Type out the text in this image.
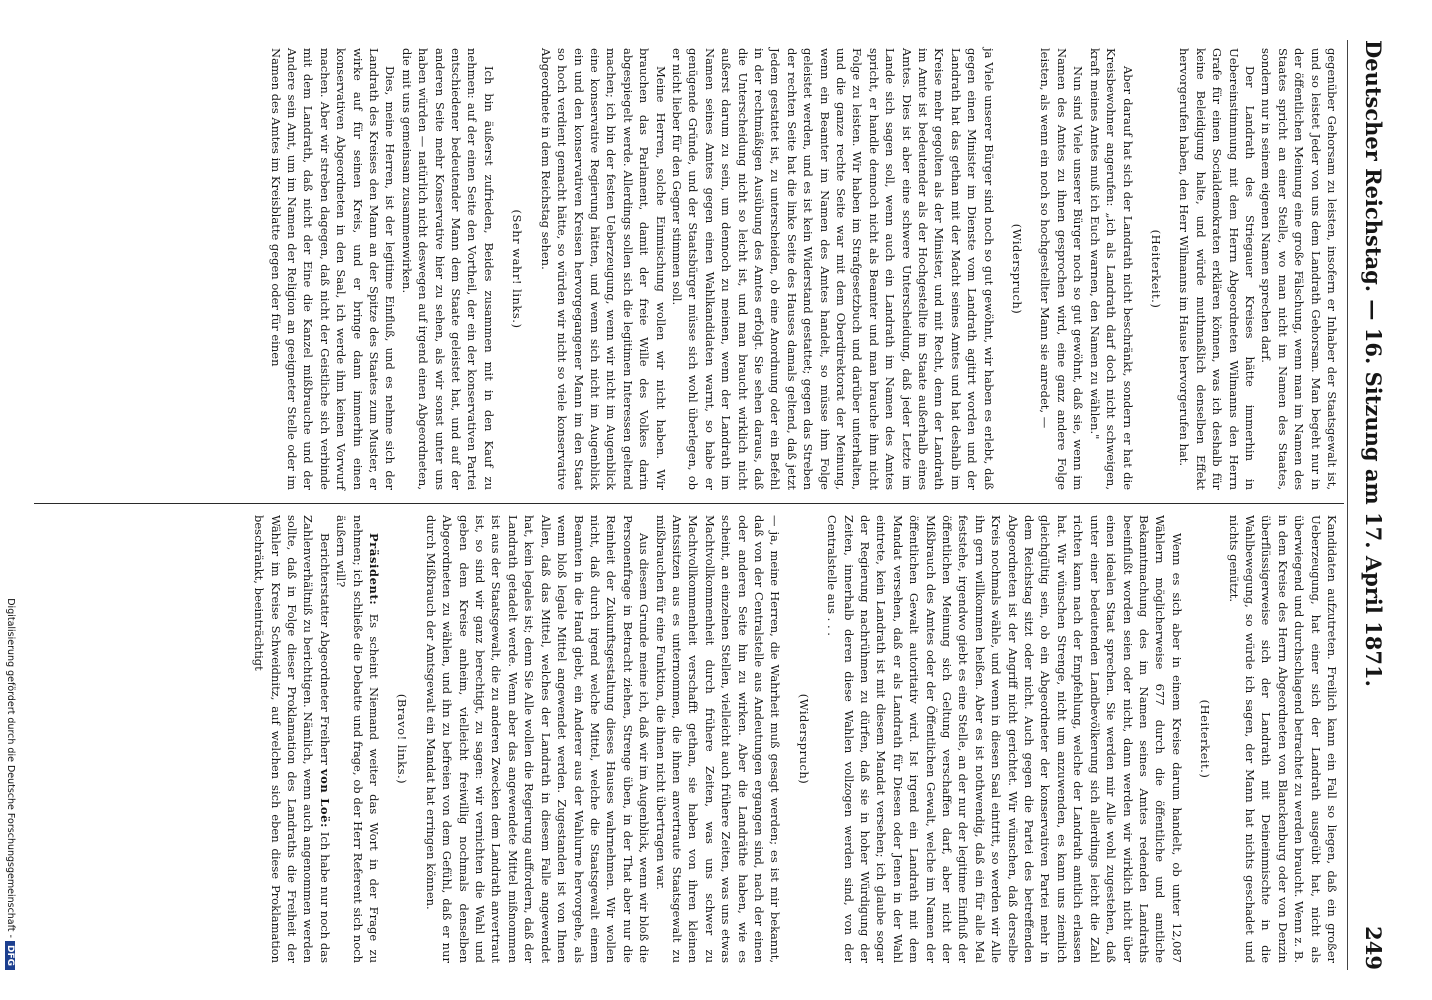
Deutscher Reichstag. — 16. Sitzung am 17. April 1871.
249

gegenüber Gehorsam zu leisten, insofern er Inhaber der Staatsgewalt ist, und so leistet Jeder von uns dem Landrath Gehorsam. Man begeht nur in der öffentlichen Meinung eine große Fälschung, wenn man im Namen des Staates spricht an einer Stelle, wo man nicht im Namen des Staates, sondern nur in seinem eigenen Namen sprechen darf.

Der Landrath des Striegauer Kreises hätte immerhin in Uebereinstimmung mit dem Herrn Abgeordneten Wilmanns den Herrn Grafe für einen Socialdemokraten erklären können, was ich deshalb für keine Beleidigung halte, und würde muthmaßlich denselben Effekt hervorgerufen haben, den Herr Wilmanns im Hause hervorgerufen hat.

(Heiterkeit.)

Aber darauf hat sich der Landrath nicht beschränkt, sondern er hat die Kreisbewohner angerufen: „ich als Landrath darf doch nicht schweigen, kraft meines Amtes muß ich Euch warnen, den Namen zu wählen."

Nun sind Viele unserer Bürger noch so gut gewöhnt, daß sie, wenn im Namen des Amtes zu ihnen gesprochen wird, eine ganz andere Folge leisten, als wenn ein noch so hochgestellter Mann sie anredet, —

(Widerspruch)

ja Viele unserer Bürger sind noch so gut gewöhnt, wir haben es erlebt, daß gegen einen Minister im Dienste vom Landrath agitirt worden und der Landrath hat das gethan mit der Macht seines Amtes und hat deshalb im Kreise mehr gegolten als der Minister, und mit Recht, denn der Landrath im Amte ist bedeutender als der Hochgestellte im Staate außerhalb eines Amtes. Dies ist aber eine schwere Unterscheidung, daß jeder Letzte im Lande sich sagen soll, wenn auch ein Landrath im Namen des Amtes spricht, er handle dennoch nicht als Beamter und man brauche ihm nicht Folge zu leisten. Wir haben im Strafgesetzbuch und darüber unterhalten, und die ganze rechte Seite war mit dem Oberdirektorat der Meinung, wenn ein Beamter im Namen des Amtes handelt, so müsse ihm Folge geleistet werden, und es ist kein Widerstand gestattet; gegen das Streben der rechten Seite hat die linke Seite des Hauses damals geltend, daß jetzt Jedem gestattet ist, zu unterscheiden, ob eine Anordnung oder ein Befehl in der rechtmäßigen Ausübung des Amtes erfolgt. Sie sehen daraus, daß die Unterscheidung nicht so leicht ist, und man braucht wirklich nicht außerst darum zu sein, um dennoch zu meinen, wenn der Landrath im Namen seines Amtes gegen einen Wahlkandidaten warnt, so habe er genügende Gründe, und der Staatsbürger müsse sich wohl überlegen, ob er nicht lieber für den Gegner stimmen soll.

Meine Herren, solche Einmischung wollen wir nicht haben. Wir brauchen das Parlament, damit der freie Wille des Volkes darin abgespiegelt werde. Allerdings sollen sich die legitimen Interessen geltend machen; ich bin der festen Ueberzeugung, wenn wir nicht im Augenblick eine konservative Regierung hätten, und wenn sich nicht im Augenblick ein und den konservativen Kreisen hervorgegangener Mann im den Staat so hoch verdient gemacht hätte, so würden wir nicht so viele konservative Abgeordnete in dem Reichstag sehen.

(Sehr wahr! links.)

Ich bin äußerst zufrieden, Beides zusammen mit in den Kauf zu nehmen: auf der einen Seite den Vortheil, der ein der konservativen Partei entschiedener bedeutender Mann dem Staate geleistet hat, und auf der anderen Seite mehr Konservative hier zu sehen, als wir sonst unter uns haben würden — natürlich nicht deswegen auf irgend einen Abgeordneten, die mit uns gemeinsam zusammenwirken.

Dies, meine Herren, ist der legitime Einfluß, und es nehme sich der Landrath des Kreises den Mann an der Spitze des Staates zum Muster, er wirke auf für seinen Kreis, und er bringe dann immerhin einen konservativen Abgeordneten in den Saal, ich werde ihm keinen Vorwurf machen. Aber wir streben dagegen, daß nicht der Geistliche sich verbinde mit dem Landrath, daß nicht der Eine die Kanzel mißbrauche und der Andere sein Amt, um im Namen der Religion an geeigneter Stelle oder im Namen des Amtes im Kreisblatte gegen oder für einen

Kandidaten aufzutreten. Freilich kann ein Fall so liegen, daß ein großer Ueberzeugung, hat einer sich der Landrath ausgeübt hat, nicht als überwiegend und durchschlagend betrachtet zu werden braucht. Wenn z. B. in dem Kreise des Herrn Abgeordneten von Blanckenburg oder von Denzin überflüssigerweise sich der Landrath mit Deineinmischte in die Wahlbewegung, so würde ich sagen, der Mann hat nichts geschadet und nichts genützt.

(Heiterkeit.)

Wenn es sich aber in einem Kreise darum handelt, ob unter 12,087 Wählern möglicherweise 677 durch die öffentliche und amtliche Bekanntmachung des im Namen seines Amtes redenden Landraths beeinflußt worden seien oder nicht, dann werden wir wirklich nicht über einen idealen Staat sprechen. Sie werden mir Alle wohl zugestehen, daß unter einer bedeutenden Landbevölkerung sich allerdings leicht die Zahl richten kann nach der Empfehlung, welche der Landrath amtlich erlassen hat. Wir wünschen Strenge, nicht um anzuwenden, es kann uns ziemlich gleichgültig sein, ob ein Abgeordneter der konservativen Partei mehr in dem Reichstag sitzt oder nicht. Auch gegen die Partei des betreffenden Abgeordneten ist der Angriff nicht gerichtet. Wir wünschen, daß derselbe Kreis nochmals wähle, und wenn in diesen Saal eintritt, so werden wir Alle ihn gern willkommen heißen. Aber es ist nothwendig, daß ein für alle Mal feststehe, irgendwo giebt es eine Stelle, an der nur der legitime Einfluß der öffentlichen Meinung sich Geltung verschaffen darf, aber nicht der Mißbrauch des Amtes oder der Öffentlichen Gewalt, welche im Namen der öffentlichen Gewalt autoritativ wird. Ist irgend ein Landrath mit dem Mandat versehen, daß er als Landrath für Diesen oder Jenen in der Wahl eintrete, kein Landrath ist mit diesem Mandat versehen; ich glaube sogar der Regierung nachrühmen zu dürfen, daß sie in hoher Würdigung der Zeiten, innerhalb deren diese Wahlen vollzogen werden sind, von der Centralstelle aus . . .

(Widerspruch)

— ja, meine Herren, die Wahrheit muß gesagt werden; es ist mir bekannt, daß von der Centralstelle aus Andeutungen ergangen sind, nach der einen oder anderen Seite hin zu wirken. Aber die Landräthe haben, wie es scheint, an einzelnen Stellen, vielleicht auch frühere Zeiten, was uns etwas Machtvollkommenheit durch frühere Zeiten, was uns schwer zu Machtvollkommenheit verschafft gethan, sie haben von ihren kleinen Amtssitzen aus es unternommen, die ihnen anvertraute Staatsgewalt zu mißbrauchen für eine Funktion, die ihnen nicht übertragen war.

Aus diesem Grunde meine ich, daß wir im Augenblick, wenn wir bloß die Personenfrage in Betracht ziehen, Strenge üben, in der That aber nur die Reinheit der Zukunftsgestaltung dieses Hauses wahrnehmen. Wir wollen nicht, daß durch irgend welche Mittel, welche die Staatsgewalt einem Beamten in die Hand giebt, ein Anderer aus der Wahlurne hervorgehe, als wenn bloß legale Mittel angewendet werden. Zugestanden ist von Ihnen Allen, daß das Mittel, welches der Landrath in diesem Falle angewendet hat, kein legales ist; denn Sie Alle wollen die Regierung auffordern, daß der Landrath getadelt werde. Wenn aber das angewendete Mittel mißnommen ist aus der Staatsgewalt, die zu anderen Zwecken dem Landrath anvertraut ist, so sind wir ganz berechtigt, zu sagen: wir vernichten die Wahl und geben dem Kreise anheim, vielleicht freiwillig nochmals denselben Abgeordneten zu wählen, und ihn zu befreien von dem Gefühl, daß er nur durch Mißbrauch der Amtsgewalt ein Mandat hat erringen können.

(Bravo! links.)

Präsident: Es scheint Niemand weiter das Wort in der Frage zu nehmen; ich schließe die Debatte und frage, ob der Herr Referent sich noch äußern will?

Berichterstatter Abgeordneter Freiherr von Loë: Ich habe nur noch das Zahlenverhältniß zu berichtigen. Nämlich, wenn auch angenommen werden sollte, daß in Folge dieser Proklamation des Landraths die Freiheit der Wähler im Kreise Schweidnitz, auf welchen sich eben diese Proklamation beschränkt, beeinträchtigt

Digitalisierung gefördert durch die Deutsche Forschungsgemeinschaft -DFG
